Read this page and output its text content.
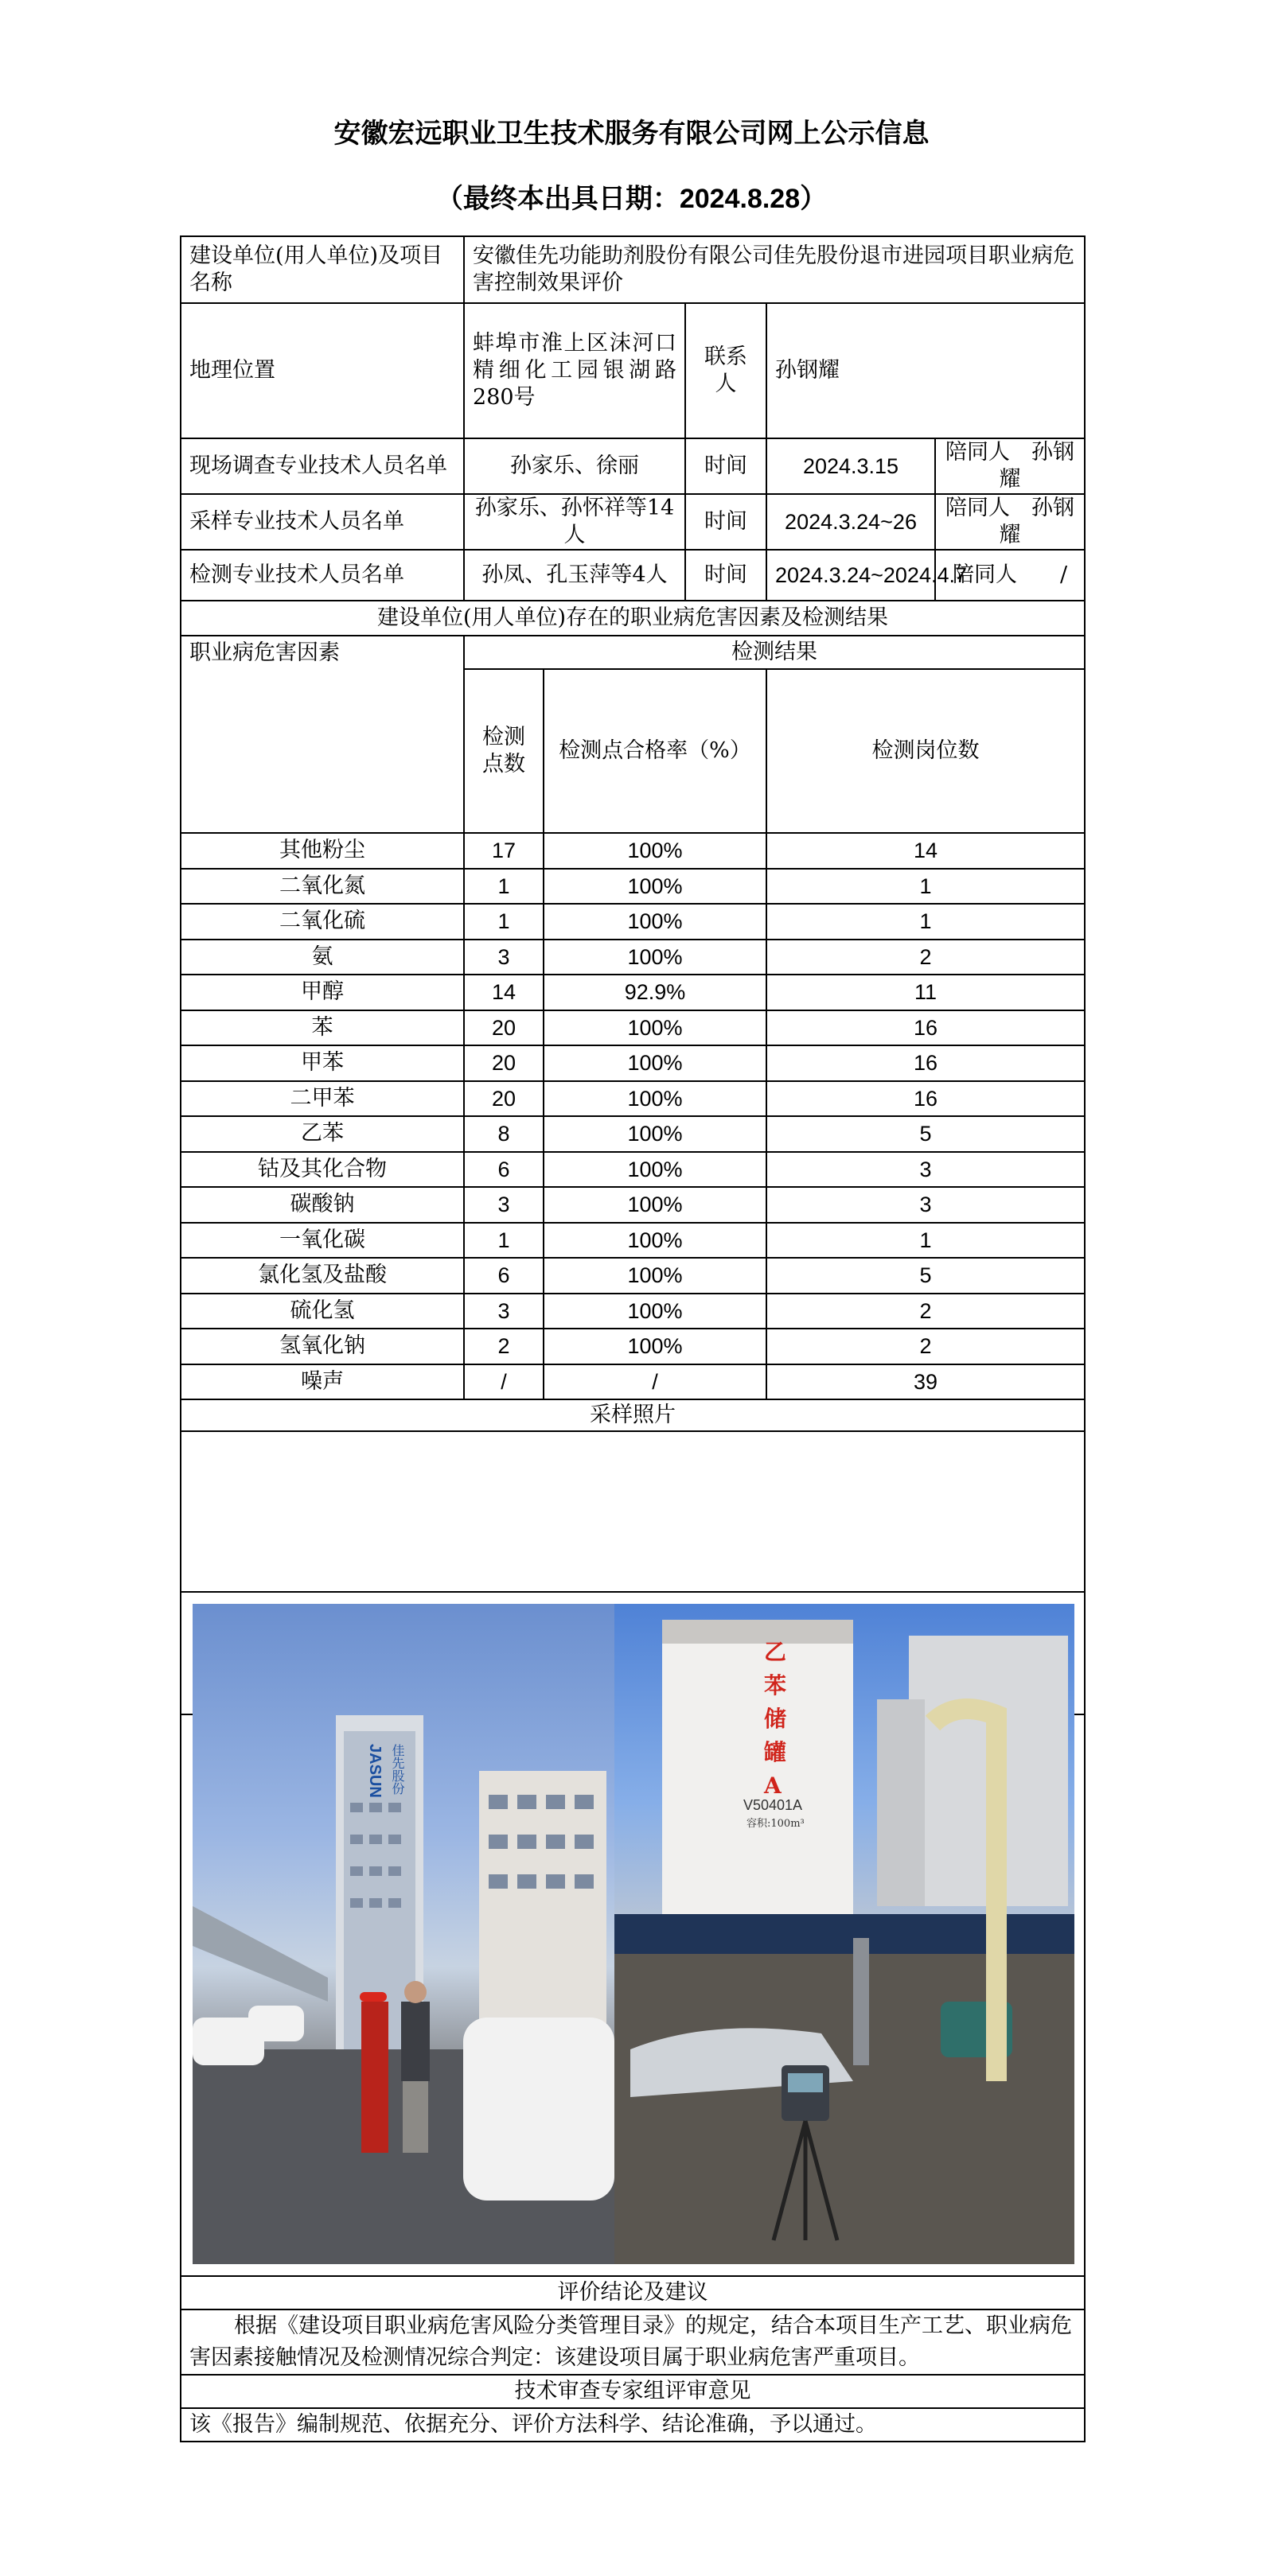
安徽宏远职业卫生技术服务有限公司网上公示信息
（最终本出具日期：2024.8.28）
建设单位(用人单位)及项目名称	安徽佳先功能助剂股份有限公司佳先股份退市进园项目职业病危害控制效果评价					
地理位置	蚌埠市淮上区沫河口精细化工园银湖路280号		联系人	孙钢耀		
现场调查专业技术人员名单	孙家乐、徐丽		时间	2024.3.15	陪同人　 孙钢耀	
采样专业技术人员名单	孙家乐、孙怀祥等14人		时间	2024.3.24~26	陪同人　 孙钢耀	
检测专业技术人员名单	孙凤、孔玉萍等4人		时间	2024.3.24~2024.4.7	陪同人　　 /	
建设单位(用人单位)存在的职业病危害因素及检测结果						
职业病危害因素	检测结果					
	检测点数	检测点合格率（%）		检测岗位数	
其他粉尘	17	100%		14	
二氧化氮	1	100%		1	
二氧化硫	1	100%		1	
氨	3	100%		2	
甲醇	14	92.9%		11	
苯	20	100%		16	
甲苯	20	100%		16	
二甲苯	20	100%		16	
乙苯	8	100%		5	
钴及其化合物	6	100%		3	
碳酸钠	3	100%		3	
一氧化碳	1	100%		1	
氯化氢及盐酸	6	100%		5	
硫化氢	3	100%		2	
氢氧化钠	2	100%		2	
噪声	/	/		39	
采样照片						

JASUN 佳先股份
乙苯储罐A
V50401A
容积:100m³

评价结论及建议
根据《建设项目职业病危害风险分类管理目录》的规定，结合本项目生产工艺、职业病危害因素接触情况及检测情况综合判定：该建设项目属于职业病危害严重项目。
技术审查专家组评审意见
该《报告》编制规范、依据充分、评价方法科学、结论准确，予以通过。
